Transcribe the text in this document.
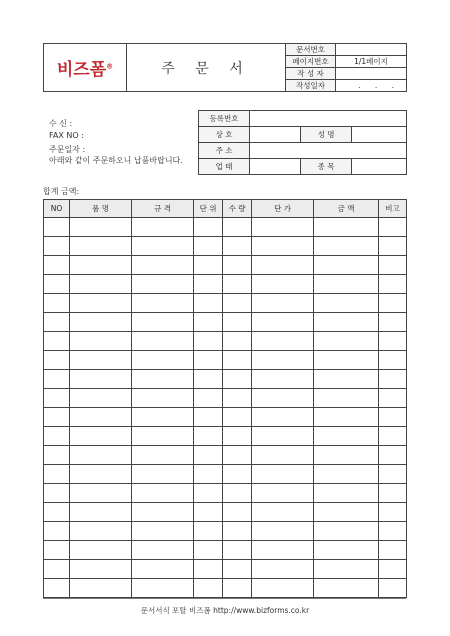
비즈폼®	주 문 서	문서번호	
		페이지번호	1/1페이지
		작 성 자	
		작성일자	. . .
수 신 :
FAX NO :
주문일자 :
아래와 같이 주문하오니 납품바랍니다.
등록번호			
상 호		성 명	
주 소			
업 태		종 목	
합계 금액:
NO	품 명	규 격	단 위	수 량	단 가	금 액	비고

문서서식 포탈 비즈폼 http://www.bizforms.co.kr
